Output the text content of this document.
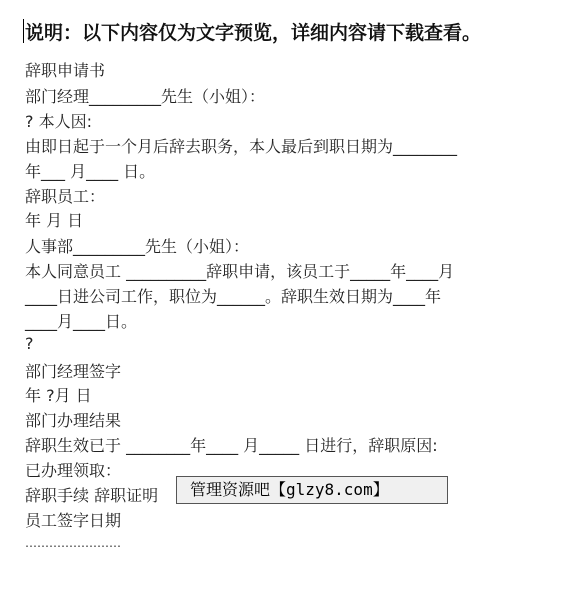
说明：以下内容仅为文字预览，详细内容请下载查看。
辞职申请书
部门经理_________先生（小姐）：
? 本人因:
由即日起于一个月后辞去职务，本人最后到职日期为________
年___ 月____ 日。
辞职员工：
年 月 日
人事部_________先生（小姐）：
本人同意员工 __________辞职申请，该员工于_____年____月
____日进公司工作，职位为______。辞职生效日期为____年
____月____日。
?
部门经理签字
年 ?月 日
部门办理结果
辞职生效已于 ________年____ 月_____ 日进行，辞职原因:
已办理领取：
辞职手续 辞职证明
员工签字日期
……………………
管理资源吧【glzy8.com】
